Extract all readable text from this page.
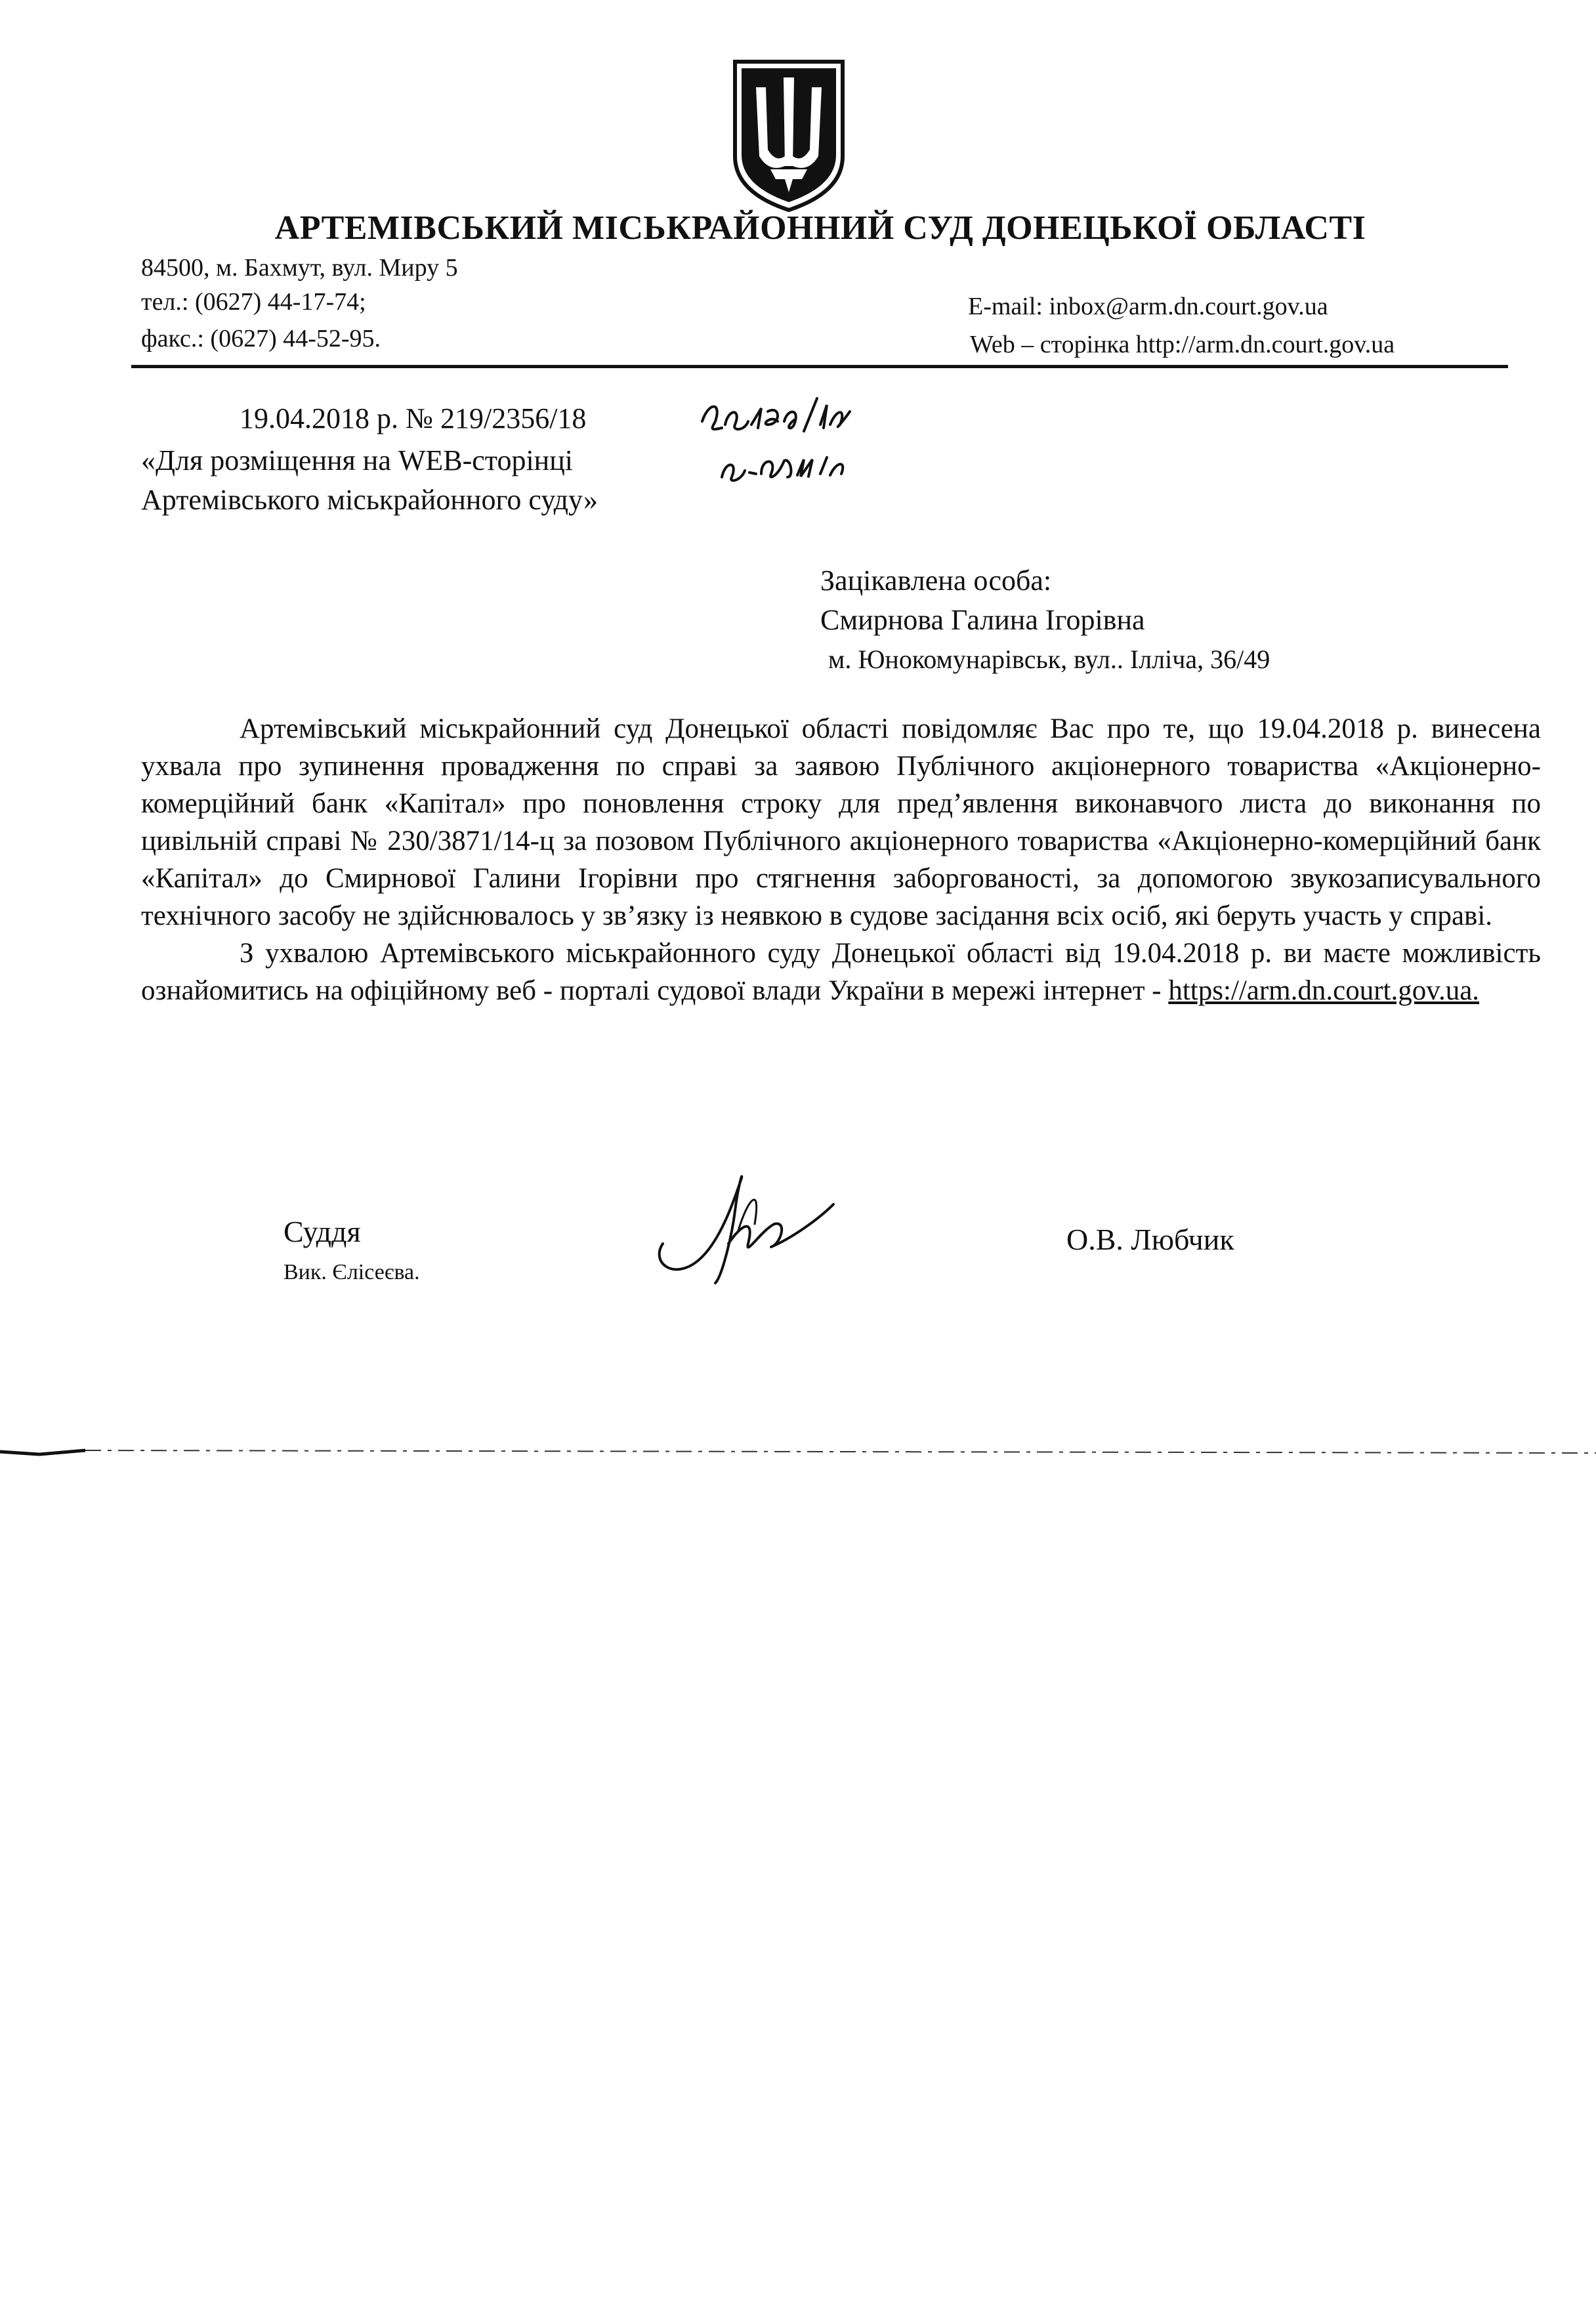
АРТЕМІВСЬКИЙ МІСЬКРАЙОННИЙ СУД ДОНЕЦЬКОЇ ОБЛАСТІ
84500, м. Бахмут, вул. Миру 5
тел.: (0627) 44-17-74;
факс.: (0627) 44-52-95.
E-mail: inbox@arm.dn.court.gov.ua
Web – сторінка http://arm.dn.court.gov.ua
19.04.2018 р. № 219/2356/18
«Для розміщення на WEB-сторінці
Артемівського міськрайонного суду»
Зацікавлена особа:
Смирнова Галина Ігорівна
м. Юнокомунарівськ, вул.. Ілліча, 36/49

Артемівський міськрайонний суд Донецької області повідомляє Вас про те, що 19.04.2018 р. винесена ухвала про зупинення провадження по справі за заявою Публічного акціонерного товариства «Акціонерно-комерційний банк «Капітал» про поновлення строку для пред’явлення виконавчого листа до виконання по цивільній справі № 230/3871/14-ц за позовом Публічного акціонерного товариства «Акціонерно-комерційний банк «Капітал» до Смирнової Галини Ігорівни про стягнення заборгованості, за допомогою звукозаписувального технічного засобу не здійснювалось у зв’язку із неявкою в судове засідання всіх осіб, які беруть участь у справі.

З ухвалою Артемівського міськрайонного суду Донецької області від 19.04.2018 р. ви маєте можливість ознайомитись на офіційному веб - порталі судової влади України в мережі інтернет - https://arm.dn.court.gov.ua.

Суддя
Вик. Єлісеєва.
О.В. Любчик
